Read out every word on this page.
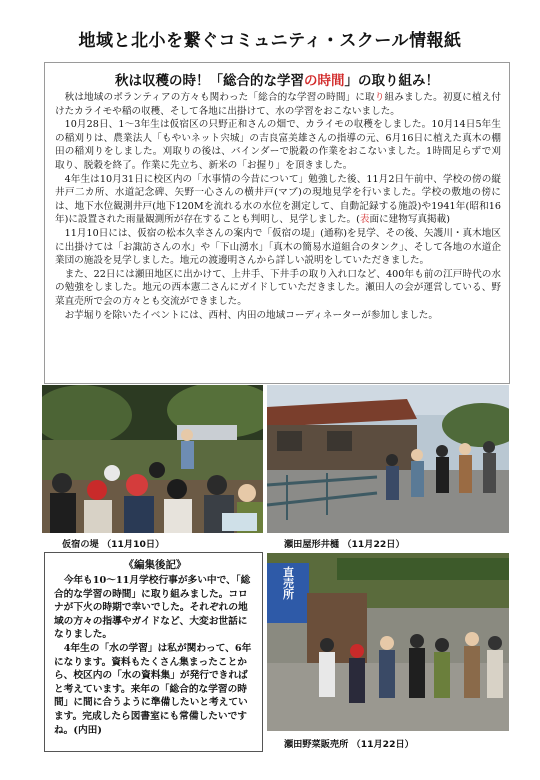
地域と北小を繋ぐコミュニティ・スクール情報紙
秋は収穫の時！「総合的な学習の時間」の取り組み！

秋は地域のボランティアの方々も関わった「総合的な学習の時間」に取り組みました。初夏に植え付けたカライモや稲の収穫、そして各地に出掛けて、水の学習をおこないました。

10月28日、1～3年生は仮宿区の只野正和さんの畑で、カライモの収穫をしました。10月14日5年生の稲刈りは、農業法人「もやいネット宍城」の吉良富美雄さんの指導の元、6月16日に植えた真木の棚田の稲刈りをしました。刈取りの後は、バインダーで脱穀の作業をおこないました。1時間足らずで刈取り、脱穀を終了。作業に先立ち、新米の「お握り」を頂きました。

4年生は10月31日に校区内の「水事情の今昔について」勉強した後、11月2日午前中、学校の傍の縦井戸二カ所、水道記念碑、矢野一心さんの横井戸(マブ)の現地見学を行いました。学校の敷地の傍には、地下水位観測井戸(地下120Mを流れる水の水位を測定して、自動記録する施設)や1941年(昭和16年)に設置された雨量観測所が存在することも判明し、見学しました。(表面に建物写真掲載)

11月10日には、仮宿の松本久幸さんの案内で「仮宿の堤」(通称)を見学、その後、矢護川・真木地区に出掛けては「お諏訪さんの水」や「下山湧水」「真木の簡易水道組合のタンク」、そして各地の水道企業団の施設を見学しました。地元の渡邊明さんから詳しい説明をしていただきました。

また、22日には瀬田地区に出かけて、上井手、下井手の取り入れ口など、400年も前の江戸時代の水の勉強をしました。地元の西本憲二さんにガイドしていただきました。瀬田人の会が運営している、野菜直売所で会の方々とも交流ができました。

お芋堀りを除いたイベントには、西村、内田の地域コーディネーターが参加しました。

仮宿の堤 （11月10日）	瀬田屋形井樋 （11月22日）
《編集後記》

今年も10～11月学校行事が多い中で、「総合的な学習の時間」に取り組みました。コロナが下火の時期で幸いでした。それぞれの地域の方々の指導やガイドなど、大変お世話になりました。

4年生の「水の学習」は私が関わって、6年になります。資料もたくさん集まったことから、校区内の「水の資料集」が発行できればと考えています。来年の「総合的な学習の時間」に間に合うように準備したいと考えています。完成したら図書室にも常備したいですね。(内田)

直売所
瀬田野菜販売所 （11月22日）
